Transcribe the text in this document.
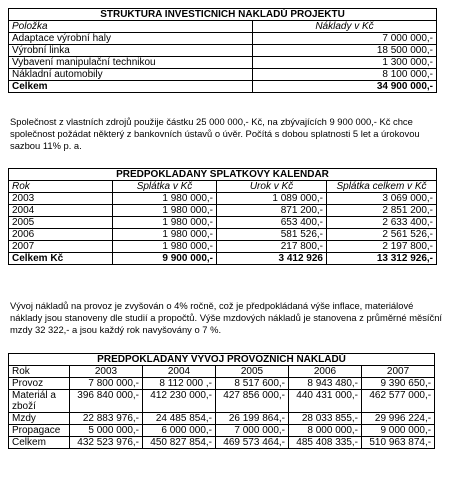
STRUKTURA INVESTICNICH NAKLADŮ PROJEKTU	
Položka	Náklady v Kč
Adaptace výrobní haly	7 000 000,-
Výrobní linka	18 500 000,-
Vybavení manipulační technikou	1 300 000,-
Nákladní automobily	8 100 000,-
Celkem	34 900 000,-
Společnost z vlastních zdrojů použije částku 25 000 000,- Kč, na zbývajících 9 900 000,- Kč chce společnost požádat některý z bankovních ústavů o úvěr. Počítá s dobou splatnosti 5 let a úrokovou sazbou 11% p. a.
PREDPOKLADANY SPLATKOVY KALENDAR			
Rok	Splátka v Kč	Urok v Kč	Splátka celkem v Kč
2003	1 980 000,-	1 089 000,-	3 069 000,-
2004	1 980 000,-	871 200,-	2 851 200,-
2005	1 980 000,-	653 400,-	2 633 400,-
2006	1 980 000,-	581 526,-	2 561 526,-
2007	1 980 000,-	217 800,-	2 197 800,-
Celkem Kč	9 900 000,-	3 412 926	13 312 926,-
Vývoj nákladů na provoz je zvyšován o 4% ročně, což je předpokládaná výše inflace, materiálové náklady jsou stanoveny dle studií a propočtů. Výše mzdových nákladů je stanovena z průměrné měsíční mzdy 32 322,- a jsou každý rok navyšovány o 7 %.
PREDPOKLADANY VYVOJ PROVOZNICH NAKLADŮ					
Rok	2003	2004	2005	2006	2007
Provoz	7 800 000,-	8 112 000 ,-	8 517 600,-	8 943 480,-	9 390 650,-
Materiál a zboží	396 840 000,-	412 230 000,-	427 856 000,-	440 431 000,-	462 577 000,-
Mzdy	22 883 976,-	24 485 854,-	26 199 864,-	28 033 855,-	29 996 224,-
Propagace	5 000 000,-	6 000 000,-	7 000 000,-	8 000 000,-	9 000 000,-
Celkem	432 523 976,-	450 827 854,-	469 573 464,-	485 408 335,-	510 963 874,-
